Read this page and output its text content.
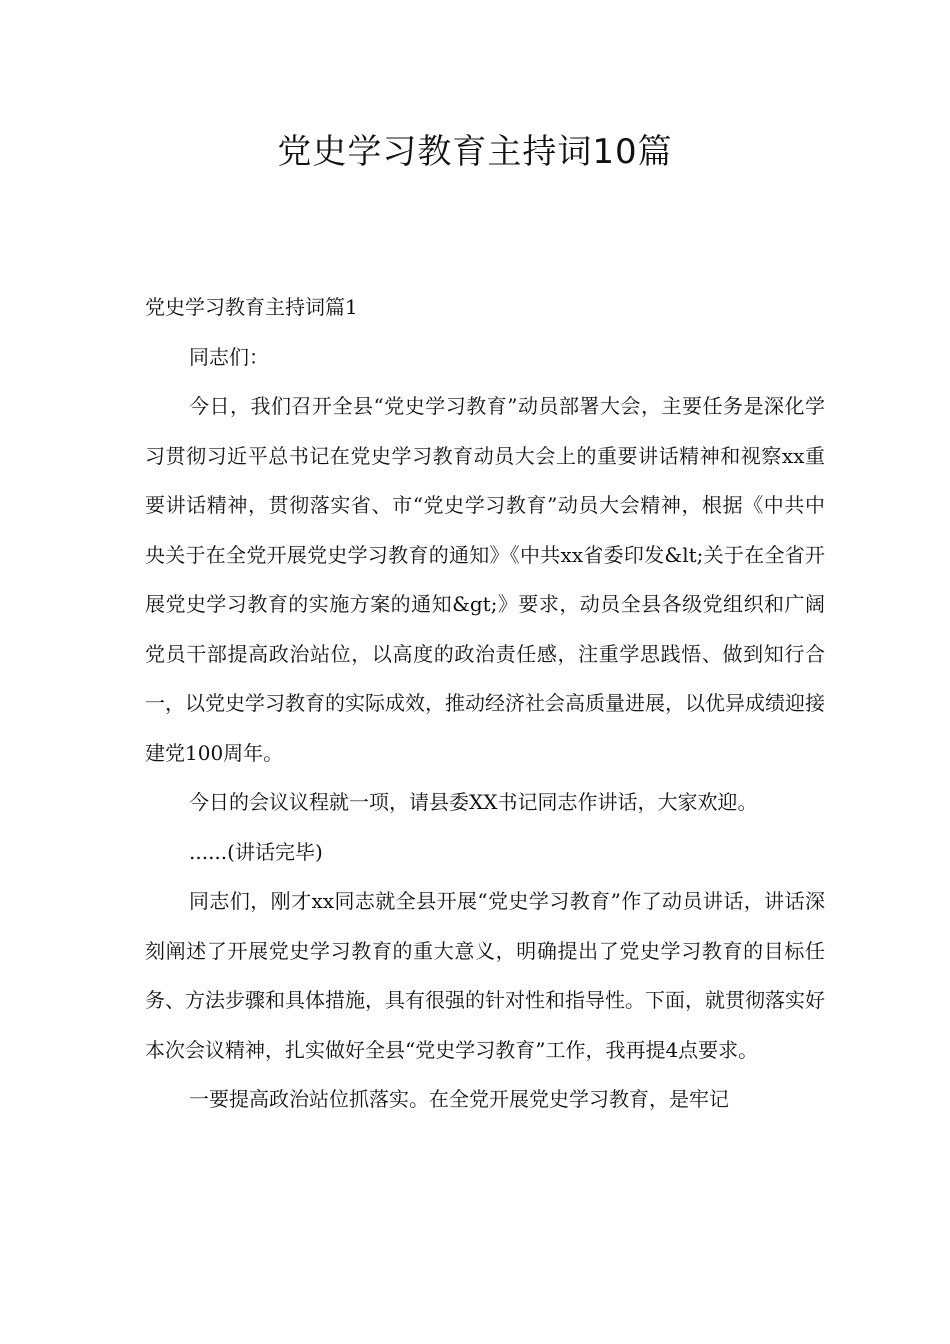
党史学习教育主持词10篇

党史学习教育主持词篇1

同志们：

今日，我们召开全县“党史学习教育”动员部署大会，主要任务是深化学习贯彻习近平总书记在党史学习教育动员大会上的重要讲话精神和视察xx重要讲话精神，贯彻落实省、市“党史学习教育”动员大会精神，根据《中共中央关于在全党开展党史学习教育的通知》《中共xx省委印发&lt;关于在全省开展党史学习教育的实施方案的通知&gt;》要求，动员全县各级党组织和广阔党员干部提高政治站位，以高度的政治责任感，注重学思践悟、做到知行合一，以党史学习教育的实际成效，推动经济社会高质量进展，以优异成绩迎接建党100周年。

今日的会议议程就一项，请县委XX书记同志作讲话，大家欢迎。

......(讲话完毕)

同志们，刚才xx同志就全县开展“党史学习教育”作了动员讲话，讲话深刻阐述了开展党史学习教育的重大意义，明确提出了党史学习教育的目标任务、方法步骤和具体措施，具有很强的针对性和指导性。下面，就贯彻落实好本次会议精神，扎实做好全县“党史学习教育”工作，我再提4点要求。

一要提高政治站位抓落实。在全党开展党史学习教育，是牢记
